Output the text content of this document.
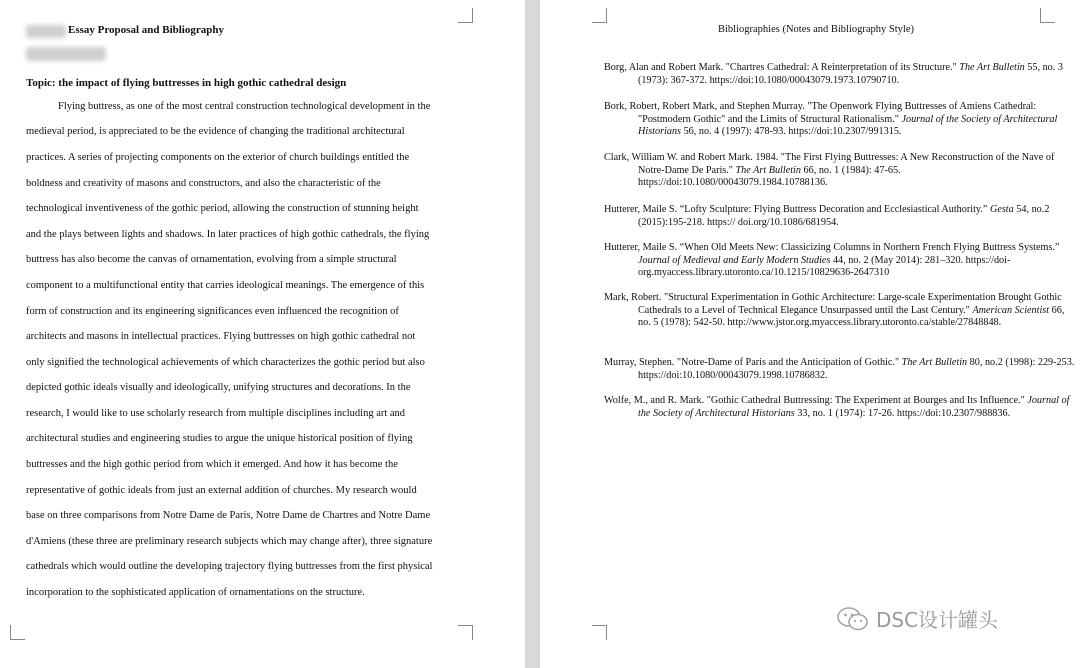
Essay Proposal and Bibliography
Topic: the impact of flying buttresses in high gothic cathedral design
Flying buttress, as one of the most central construction technological development in the
medieval period, is appreciated to be the evidence of changing the traditional architectural
practices. A series of projecting components on the exterior of church buildings entitled the
boldness and creativity of masons and constructors, and also the characteristic of the
technological inventiveness of the gothic period, allowing the construction of stunning height
and the plays between lights and shadows. In later practices of high gothic cathedrals, the flying
buttress has also become the canvas of ornamentation, evolving from a simple structural
component to a multifunctional entity that carries ideological meanings. The emergence of this
form of construction and its engineering significances even influenced the recognition of
architects and masons in intellectual practices. Flying buttresses on high gothic cathedral not
only signified the technological achievements of which characterizes the gothic period but also
depicted gothic ideals visually and ideologically, unifying structures and decorations. In the
research, I would like to use scholarly research from multiple disciplines including art and
architectural studies and engineering studies to argue the unique historical position of flying
buttresses and the high gothic period from which it emerged. And how it has become the
representative of gothic ideals from just an external addition of churches. My research would
base on three comparisons from Notre Dame de Paris, Notre Dame de Chartres and Notre Dame
d'Amiens (these three are preliminary research subjects which may change after), three signature
cathedrals which would outline the developing trajectory flying buttresses from the first physical
incorporation to the sophisticated application of ornamentations on the structure.
Bibliographies (Notes and Bibliography Style)
Borg, Alan and Robert Mark. "Chartres Cathedral: A Reinterpretation of its Structure." The Art Bulletin 55, no. 3 (1973): 367-372. https://doi:10.1080/00043079.1973.10790710.
Bork, Robert, Robert Mark, and Stephen Murray. "The Openwork Flying Buttresses of Amiens Cathedral: "Postmodern Gothic" and the Limits of Structural Rationalism." Journal of the Society of Architectural Historians 56, no. 4 (1997): 478-93. https://doi:10.2307/991315.
Clark, William W. and Robert Mark. 1984. "The First Flying Buttresses: A New Reconstruction of the Nave of Notre-Dame De Paris." The Art Bulletin 66, no. 1 (1984): 47-65. https://doi:10.1080/00043079.1984.10788136.
Hutterer, Maile S. “Lofty Sculpture: Flying Buttress Decoration and Ecclesiastical Authority.” Gesta 54, no.2 (2015):195-218. https:// doi.org/10.1086/681954.
Hutterer, Maile S. “When Old Meets New: Classicizing Columns in Northern French Flying Buttress Systems.” Journal of Medieval and Early Modern Studies 44, no. 2 (May 2014): 281–320. https://doi-org.myaccess.library.utoronto.ca/10.1215/10829636-2647310
Mark, Robert. "Structural Experimentation in Gothic Architecture: Large-scale Experimentation Brought Gothic Cathedrals to a Level of Technical Elegance Unsurpassed until the Last Century." American Scientist 66, no. 5 (1978): 542-50. http://www.jstor.org.myaccess.library.utoronto.ca/stable/27848848.
Murray, Stephen. "Notre-Dame of Paris and the Anticipation of Gothic." The Art Bulletin 80, no.2 (1998): 229-253. https://doi:10.1080/00043079.1998.10786832.
Wolfe, M., and R. Mark. "Gothic Cathedral Buttressing: The Experiment at Bourges and Its Influence." Journal of the Society of Architectural Historians 33, no. 1 (1974): 17-26. https://doi:10.2307/988836.
DSC设计罐头
